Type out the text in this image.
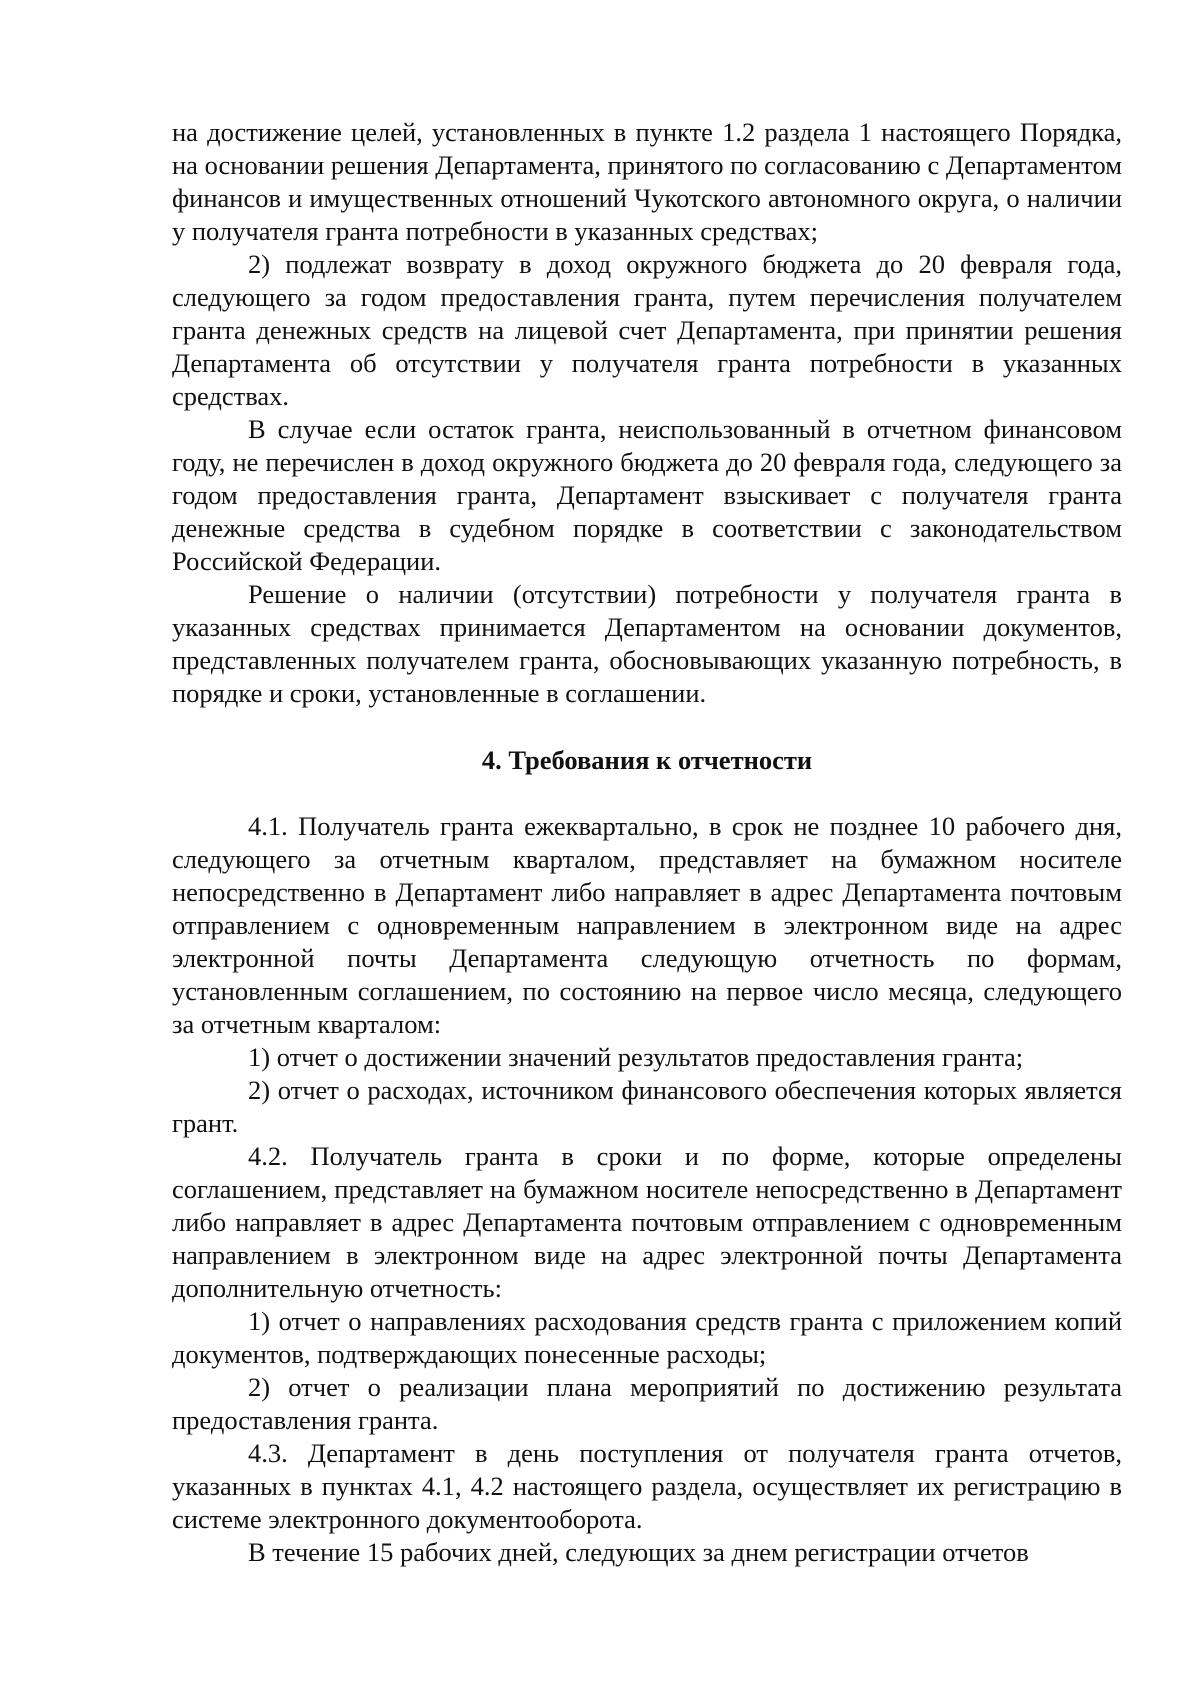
на достижение целей, установленных в пункте 1.2 раздела 1 настоящего Порядка, на основании решения Департамента, принятого по согласованию с Департаментом финансов и имущественных отношений Чукотского автономного округа, о наличии у получателя гранта потребности в указанных средствах;

2) подлежат возврату в доход окружного бюджета до 20 февраля года, следующего за годом предоставления гранта, путем перечисления получателем гранта денежных средств на лицевой счет Департамента, при принятии решения Департамента об отсутствии у получателя гранта потребности в указанных средствах.

В случае если остаток гранта, неиспользованный в отчетном финансовом году, не перечислен в доход окружного бюджета до 20 февраля года, следующего за годом предоставления гранта, Департамент взыскивает с получателя гранта денежные средства в судебном порядке в соответствии с законодательством Российской Федерации.

Решение о наличии (отсутствии) потребности у получателя гранта в указанных средствах принимается Департаментом на основании документов, представленных получателем гранта, обосновывающих указанную потребность, в порядке и сроки, установленные в соглашении.

4. Требования к отчетности

4.1. Получатель гранта ежеквартально, в срок не позднее 10 рабочего дня, следующего за отчетным кварталом, представляет на бумажном носителе непосредственно в Департамент либо направляет в адрес Департамента почтовым отправлением с одновременным направлением в электронном виде на адрес электронной почты Департамента следующую отчетность по формам, установленным соглашением, по состоянию на первое число месяца, следующего за отчетным кварталом:

1) отчет о достижении значений результатов предоставления гранта;

2) отчет о расходах, источником финансового обеспечения которых является грант.

4.2. Получатель гранта в сроки и по форме, которые определены соглашением, представляет на бумажном носителе непосредственно в Департамент либо направляет в адрес Департамента почтовым отправлением с одновременным направлением в электронном виде на адрес электронной почты Департамента дополнительную отчетность:

1) отчет о направлениях расходования средств гранта с приложением копий документов, подтверждающих понесенные расходы;

2) отчет о реализации плана мероприятий по достижению результата предоставления гранта.

4.3. Департамент в день поступления от получателя гранта отчетов, указанных в пунктах 4.1, 4.2 настоящего раздела, осуществляет их регистрацию в системе электронного документооборота.

В течение 15 рабочих дней, следующих за днем регистрации отчетов
